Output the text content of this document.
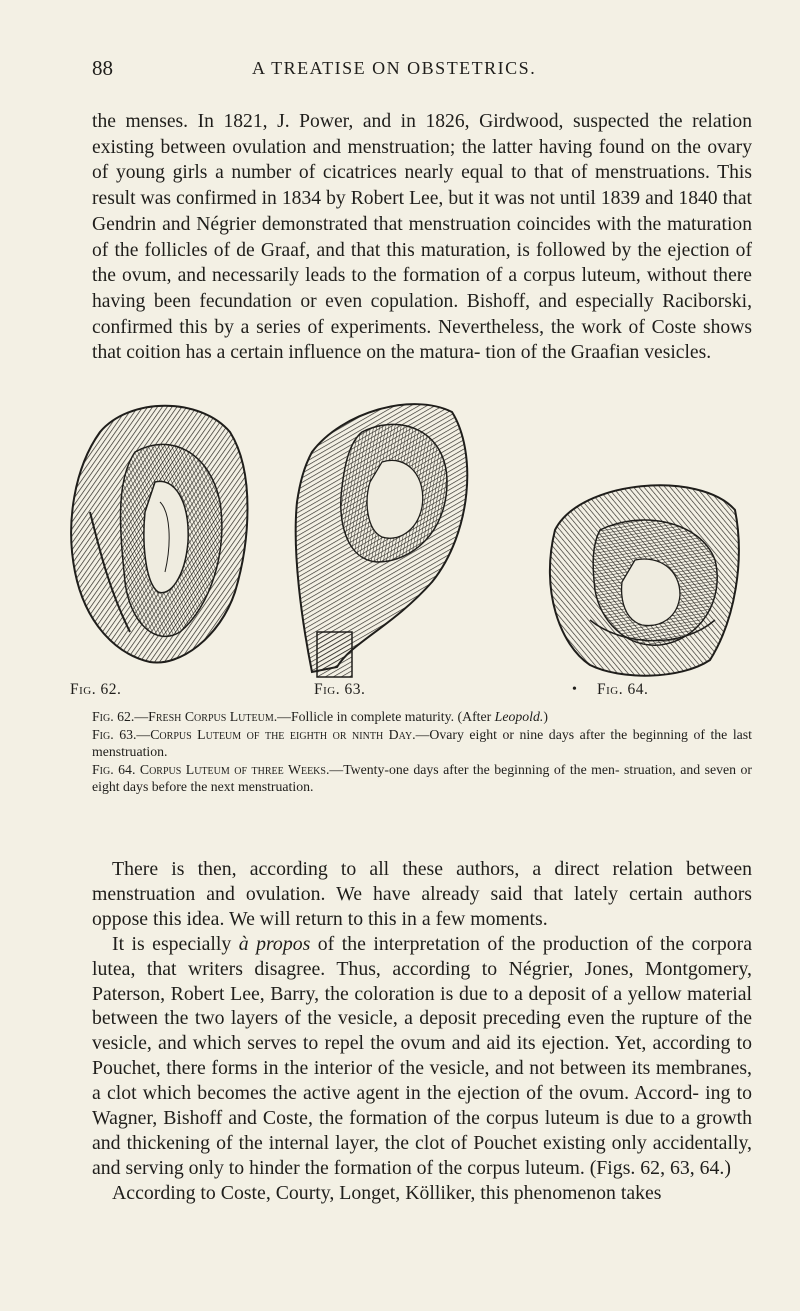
88	A TREATISE ON OBSTETRICS.

the menses. In 1821, J. Power, and in 1826, Girdwood, suspected the relation existing between ovulation and menstruation; the latter having found on the ovary of young girls a number of cicatrices nearly equal to that of menstruations. This result was confirmed in 1834 by Robert Lee, but it was not until 1839 and 1840 that Gendrin and Négrier demonstrated that menstruation coincides with the maturation of the follicles of de Graaf, and that this maturation, is followed by the ejection of the ovum, and necessarily leads to the formation of a corpus luteum, without there having been fecundation or even copulation. Bishoff, and especially Raciborski, confirmed this by a series of experiments. Nevertheless, the work of Coste shows that coition has a certain influence on the matura- tion of the Graafian vesicles.

Fig. 62.	Fig. 63.	• Fig. 64.

Fig. 62.—Fresh Corpus Luteum.—Follicle in complete maturity. (After Leopold.)

Fig. 63.—Corpus Luteum of the eighth or ninth Day.—Ovary eight or nine days after the beginning of the last menstruation.

Fig. 64. Corpus Luteum of three Weeks.—Twenty-one days after the beginning of the men- struation, and seven or eight days before the next menstruation.

There is then, according to all these authors, a direct relation between menstruation and ovulation. We have already said that lately certain authors oppose this idea. We will return to this in a few moments.

It is especially à propos of the interpretation of the production of the corpora lutea, that writers disagree. Thus, according to Négrier, Jones, Montgomery, Paterson, Robert Lee, Barry, the coloration is due to a deposit of a yellow material between the two layers of the vesicle, a deposit preceding even the rupture of the vesicle, and which serves to repel the ovum and aid its ejection. Yet, according to Pouchet, there forms in the interior of the vesicle, and not between its membranes, a clot which becomes the active agent in the ejection of the ovum. Accord- ing to Wagner, Bishoff and Coste, the formation of the corpus luteum is due to a growth and thickening of the internal layer, the clot of Pouchet existing only accidentally, and serving only to hinder the formation of the corpus luteum. (Figs. 62, 63, 64.)

According to Coste, Courty, Longet, Kölliker, this phenomenon takes
